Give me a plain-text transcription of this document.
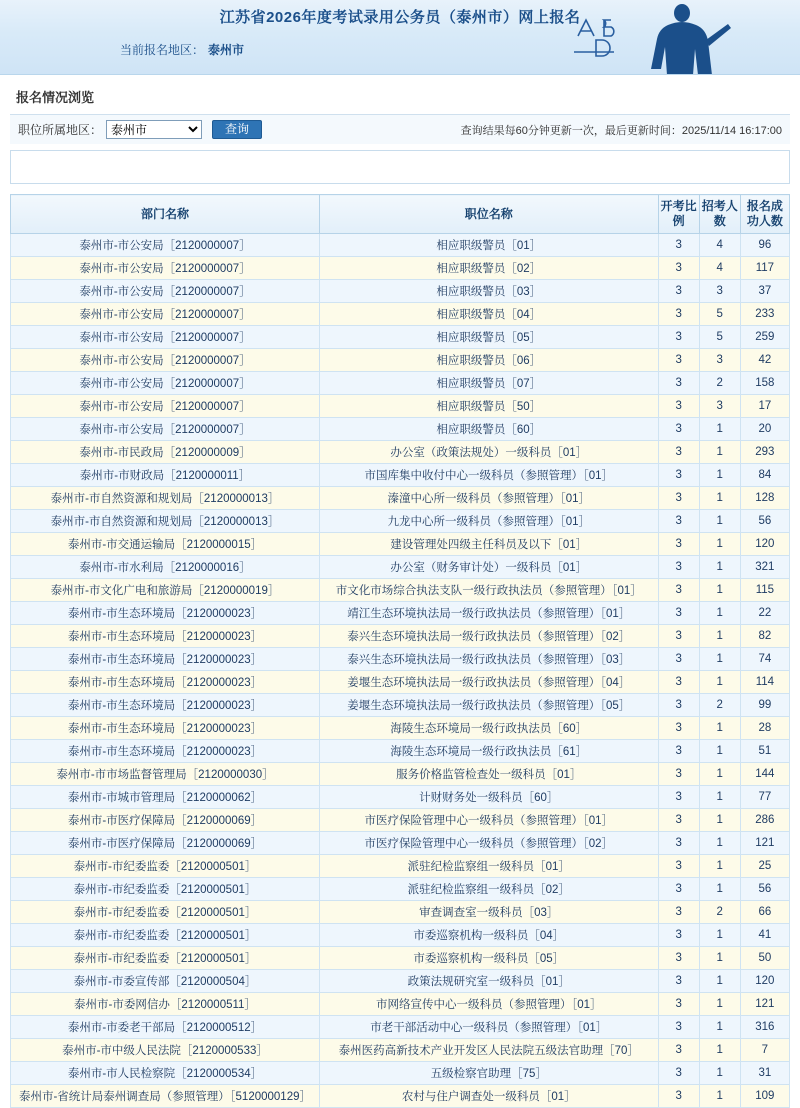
江苏省2026年度考试录用公务员（泰州市）网上报名
当前报名地区： 泰州市
报名情况浏览
职位所属地区：
泰州市	查询	查询结果每60分钟更新一次，最后更新时间：2025/11/14 16:17:00
部门名称	职位名称	开考比例	招考人数	报名成功人数
泰州市-市公安局［2120000007］	相应职级警员［01］	3	4	96
泰州市-市公安局［2120000007］	相应职级警员［02］	3	4	117
泰州市-市公安局［2120000007］	相应职级警员［03］	3	3	37
泰州市-市公安局［2120000007］	相应职级警员［04］	3	5	233
泰州市-市公安局［2120000007］	相应职级警员［05］	3	5	259
泰州市-市公安局［2120000007］	相应职级警员［06］	3	3	42
泰州市-市公安局［2120000007］	相应职级警员［07］	3	2	158
泰州市-市公安局［2120000007］	相应职级警员［50］	3	3	17
泰州市-市公安局［2120000007］	相应职级警员［60］	3	1	20
泰州市-市民政局［2120000009］	办公室（政策法规处）一级科员［01］	3	1	293
泰州市-市财政局［2120000011］	市国库集中收付中心一级科员（参照管理）［01］	3	1	84
泰州市-市自然资源和规划局［2120000013］	溱潼中心所一级科员（参照管理）［01］	3	1	128
泰州市-市自然资源和规划局［2120000013］	九龙中心所一级科员（参照管理）［01］	3	1	56
泰州市-市交通运输局［2120000015］	建设管理处四级主任科员及以下［01］	3	1	120
泰州市-市水利局［2120000016］	办公室（财务审计处）一级科员［01］	3	1	321
泰州市-市文化广电和旅游局［2120000019］	市文化市场综合执法支队一级行政执法员（参照管理）［01］	3	1	115
泰州市-市生态环境局［2120000023］	靖江生态环境执法局一级行政执法员（参照管理）［01］	3	1	22
泰州市-市生态环境局［2120000023］	泰兴生态环境执法局一级行政执法员（参照管理）［02］	3	1	82
泰州市-市生态环境局［2120000023］	泰兴生态环境执法局一级行政执法员（参照管理）［03］	3	1	74
泰州市-市生态环境局［2120000023］	姜堰生态环境执法局一级行政执法员（参照管理）［04］	3	1	114
泰州市-市生态环境局［2120000023］	姜堰生态环境执法局一级行政执法员（参照管理）［05］	3	2	99
泰州市-市生态环境局［2120000023］	海陵生态环境局一级行政执法员［60］	3	1	28
泰州市-市生态环境局［2120000023］	海陵生态环境局一级行政执法员［61］	3	1	51
泰州市-市市场监督管理局［2120000030］	服务价格监管检查处一级科员［01］	3	1	144
泰州市-市城市管理局［2120000062］	计财财务处一级科员［60］	3	1	77
泰州市-市医疗保障局［2120000069］	市医疗保险管理中心一级科员（参照管理）［01］	3	1	286
泰州市-市医疗保障局［2120000069］	市医疗保险管理中心一级科员（参照管理）［02］	3	1	121
泰州市-市纪委监委［2120000501］	派驻纪检监察组一级科员［01］	3	1	25
泰州市-市纪委监委［2120000501］	派驻纪检监察组一级科员［02］	3	1	56
泰州市-市纪委监委［2120000501］	审查调查室一级科员［03］	3	2	66
泰州市-市纪委监委［2120000501］	市委巡察机构一级科员［04］	3	1	41
泰州市-市纪委监委［2120000501］	市委巡察机构一级科员［05］	3	1	50
泰州市-市委宣传部［2120000504］	政策法规研究室一级科员［01］	3	1	120
泰州市-市委网信办［2120000511］	市网络宣传中心一级科员（参照管理）［01］	3	1	121
泰州市-市委老干部局［2120000512］	市老干部活动中心一级科员（参照管理）［01］	3	1	316
泰州市-市中级人民法院［2120000533］	泰州医药高新技术产业开发区人民法院五级法官助理［70］	3	1	7
泰州市-市人民检察院［2120000534］	五级检察官助理［75］	3	1	31
泰州市-省统计局泰州调查局（参照管理）［5120000129］	农村与住户调查处一级科员［01］	3	1	109
